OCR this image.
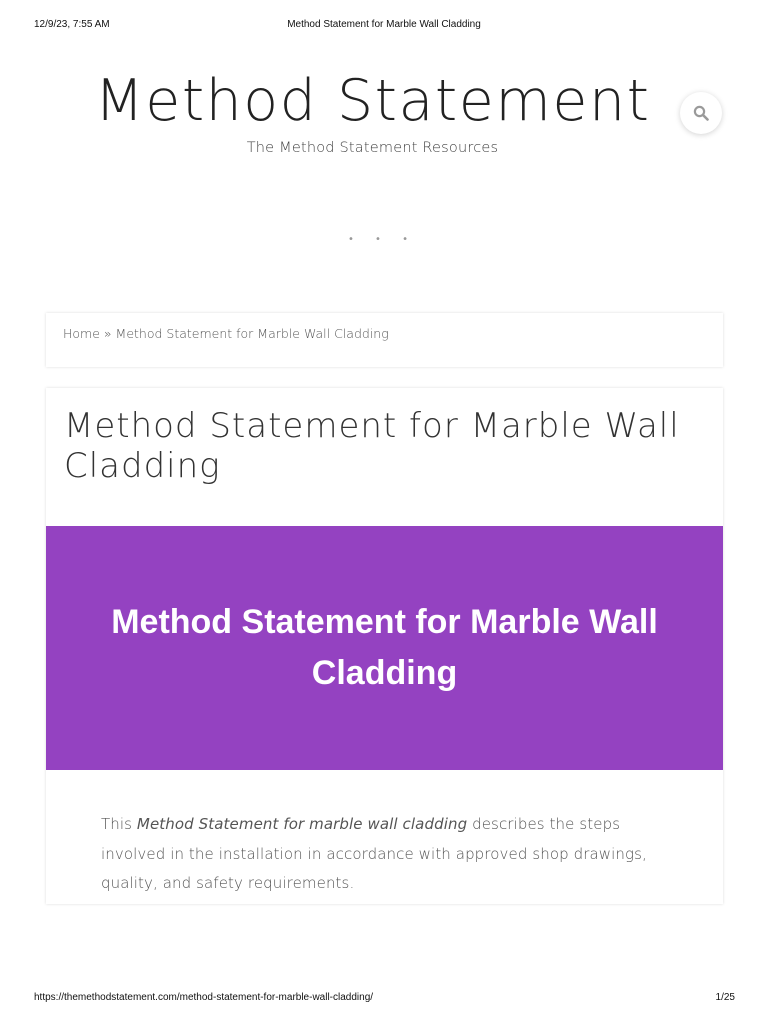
12/9/23, 7:55 AM	Method Statement for Marble Wall Cladding
Method Statement
The Method Statement Resources
• • •
Home » Method Statement for Marble Wall Cladding
Method Statement for Marble Wall Cladding
Method Statement for Marble Wall Cladding

This Method Statement for marble wall cladding describes the steps involved in the installation in accordance with approved shop drawings, quality, and safety requirements.

https://themethodstatement.com/method-statement-for-marble-wall-cladding/	1/25
